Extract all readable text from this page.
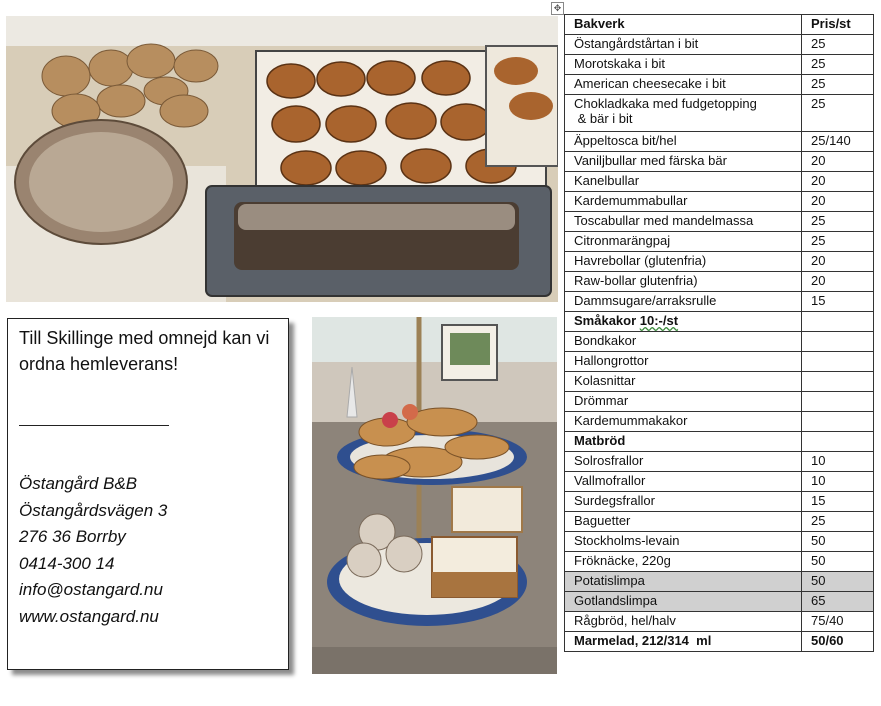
Till Skillinge med omnejd kan vi ordna hemleverans!
Östangård B&B
Östangårdsvägen 3
276 36 Borrby
0414-300 14
info@ostangard.nu
www.ostangard.nu
✥
Bakverk	Pris/st
Östangårdstårtan i bit	25
Morotskaka i bit	25
American cheesecake i bit	25
Chokladkaka med fudgetopping
& bär i bit	25
Äppeltosca bit/hel	25/140
Vaniljbullar med färska bär	20
Kanelbullar	20
Kardemummabullar	20
Toscabullar med mandelmassa	25
Citronmarängpaj	25
Havrebollar (glutenfria)	20
Raw-bollar glutenfria)	20
Dammsugare/arraksrulle	15
Småkakor 10:-/st	
Bondkakor	
Hallongrottor	
Kolasnittar	
Drömmar	
Kardemummakakor	
Matbröd	
Solrosfrallor	10
Vallmofrallor	10
Surdegsfrallor	15
Baguetter	25
Stockholms-levain	50
Fröknäcke, 220g	50
Potatislimpa	50
Gotlandslimpa	65
Rågbröd, hel/halv	75/40
Marmelad, 212/314  ml	50/60
